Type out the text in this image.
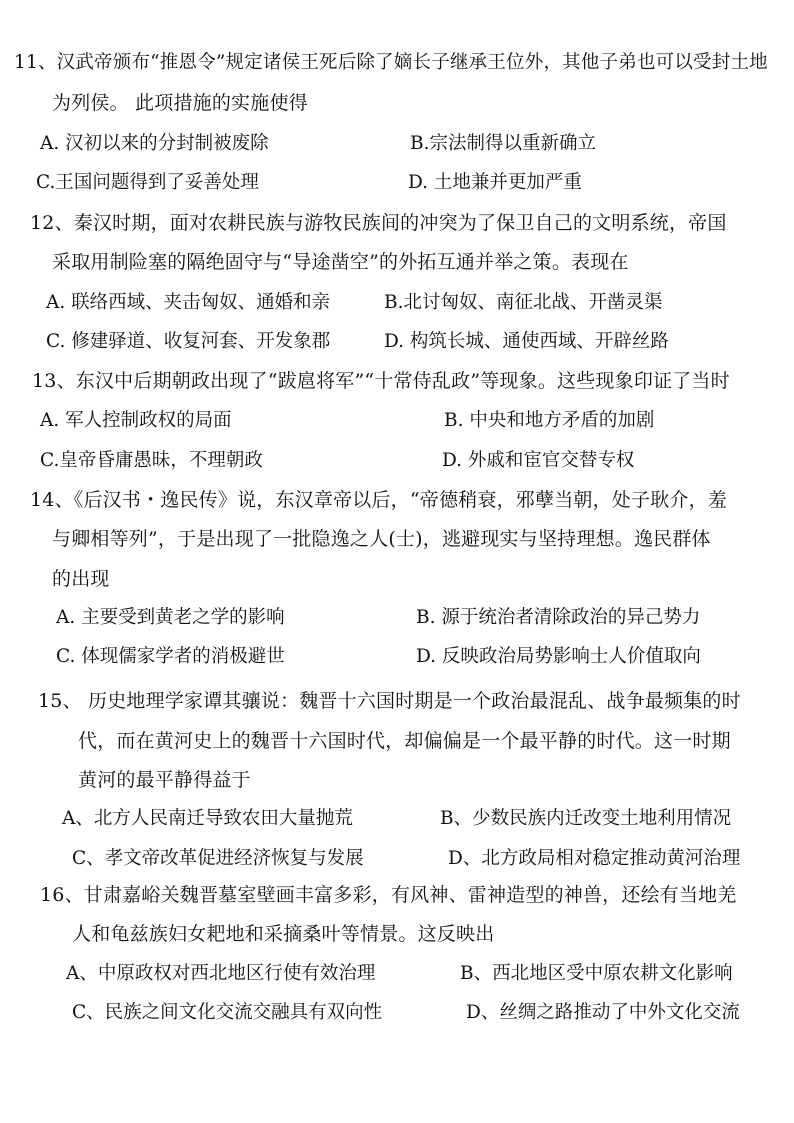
11、汉武帝颁布“推恩令”规定诸侯王死后除了嫡长子继承王位外，其他子弟也可以受封土地
为列侯。 此项措施的实施使得
A. 汉初以来的分封制被废除	B.宗法制得以重新确立
C.王国问题得到了妥善处理	D. 土地兼并更加严重
12、秦汉时期，面对农耕民族与游牧民族间的冲突为了保卫自己的文明系统，帝国
采取用制险塞的隔绝固守与“导途凿空”的外拓互通并举之策。表现在
A. 联络西域、夹击匈奴、通婚和亲	B.北讨匈奴、南征北战、开凿灵渠
C. 修建驿道、收复河套、开发象郡	D. 构筑长城、通使西域、开辟丝路
13、东汉中后期朝政出现了“跋扈将军”“十常侍乱政”等现象。这些现象印证了当时
A. 军人控制政权的局面	B. 中央和地方矛盾的加剧
C.皇帝昏庸愚昧，不理朝政	D. 外戚和宦官交替专权
14、《后汉书・逸民传》说，东汉章帝以后，“帝德稍衰，邪孽当朝，处子耿介，羞
与卿相等列”，于是出现了一批隐逸之人(士)，逃避现实与坚持理想。逸民群体
的出现
A. 主要受到黄老之学的影响	B. 源于统治者清除政治的异己势力
C. 体现儒家学者的消极避世	D. 反映政治局势影响士人价值取向
15、 历史地理学家谭其骧说：魏晋十六国时期是一个政治最混乱、战争最频集的时
代，而在黄河史上的魏晋十六国时代，却偏偏是一个最平静的时代。这一时期
黄河的最平静得益于
A、北方人民南迁导致农田大量抛荒	B、少数民族内迁改变土地利用情况
C、孝文帝改革促进经济恢复与发展	D、北方政局相对稳定推动黄河治理
16、甘肃嘉峪关魏晋墓室壁画丰富多彩，有风神、雷神造型的神兽，还绘有当地羌
人和龟兹族妇女耙地和采摘桑叶等情景。这反映出
A、中原政权对西北地区行使有效治理	B、西北地区受中原农耕文化影响
C、民族之间文化交流交融具有双向性	D、丝绸之路推动了中外文化交流
